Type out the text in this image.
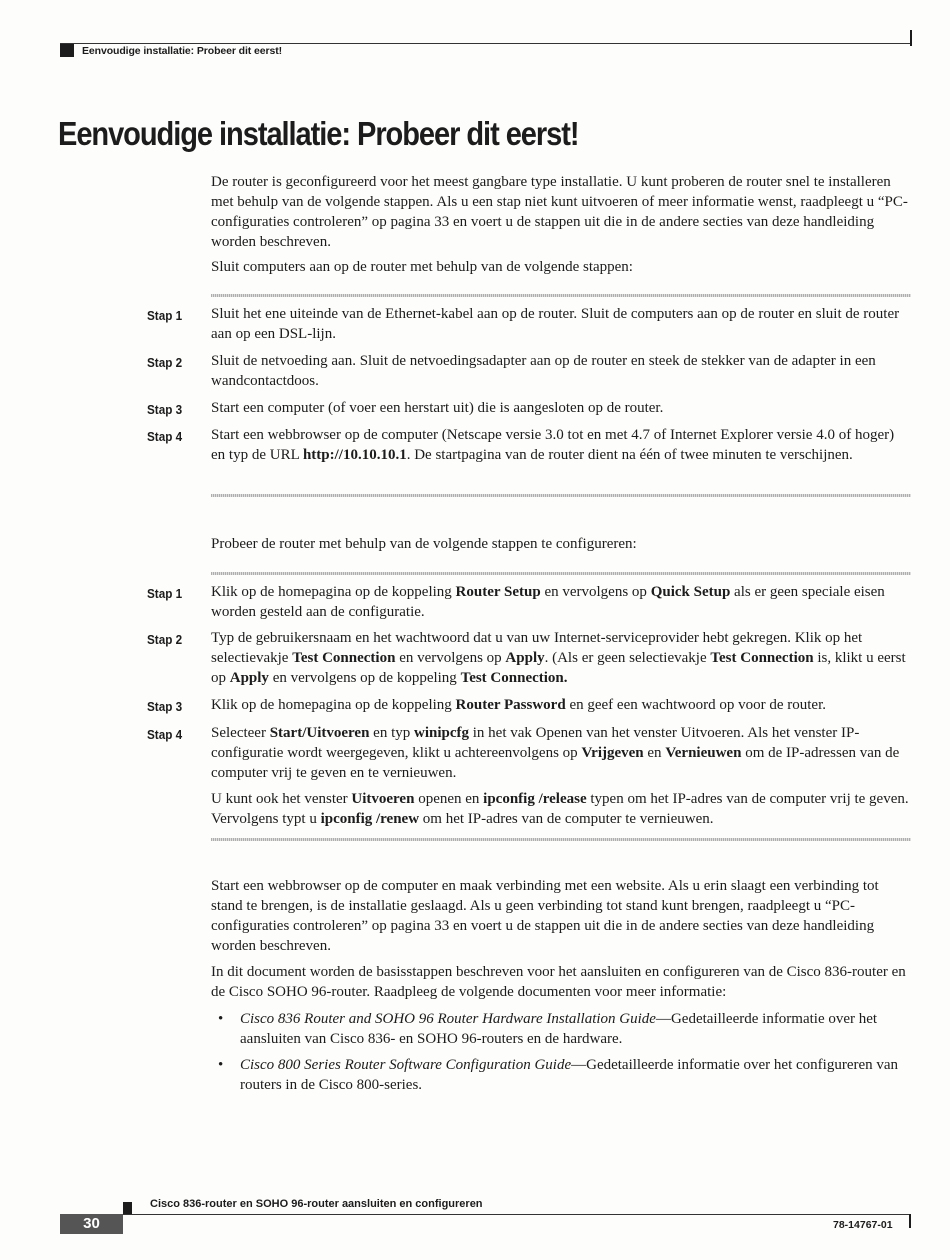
Eenvoudige installatie: Probeer dit eerst!
Eenvoudige installatie: Probeer dit eerst!
De router is geconfigureerd voor het meest gangbare type installatie. U kunt proberen de router snel te installeren met behulp van de volgende stappen. Als u een stap niet kunt uitvoeren of meer informatie wenst, raadpleegt u “PC-configuraties controleren” op pagina 33 en voert u de stappen uit die in de andere secties van deze handleiding worden beschreven.
Sluit computers aan op de router met behulp van de volgende stappen:
Stap 1 Sluit het ene uiteinde van de Ethernet-kabel aan op de router. Sluit de computers aan op de router en sluit de router aan op een DSL-lijn.
Stap 2 Sluit de netvoeding aan. Sluit de netvoedingsadapter aan op de router en steek de stekker van de adapter in een wandcontactdoos.
Stap 3 Start een computer (of voer een herstart uit) die is aangesloten op de router.
Stap 4 Start een webbrowser op de computer (Netscape versie 3.0 tot en met 4.7 of Internet Explorer versie 4.0 of hoger) en typ de URL http://10.10.10.1. De startpagina van de router dient na één of twee minuten te verschijnen.
Probeer de router met behulp van de volgende stappen te configureren:
Stap 1 Klik op de homepagina op de koppeling Router Setup en vervolgens op Quick Setup als er geen speciale eisen worden gesteld aan de configuratie.
Stap 2 Typ de gebruikersnaam en het wachtwoord dat u van uw Internet-serviceprovider hebt gekregen. Klik op het selectievakje Test Connection en vervolgens op Apply. (Als er geen selectievakje Test Connection is, klikt u eerst op Apply en vervolgens op de koppeling Test Connection.
Stap 3 Klik op de homepagina op de koppeling Router Password en geef een wachtwoord op voor de router.
Stap 4 Selecteer Start/Uitvoeren en typ winipcfg in het vak Openen van het venster Uitvoeren. Als het venster IP-configuratie wordt weergegeven, klikt u achtereenvolgens op Vrijgeven en Vernieuwen om de IP-adressen van de computer vrij te geven en te vernieuwen.
U kunt ook het venster Uitvoeren openen en ipconfig /release typen om het IP-adres van de computer vrij te geven. Vervolgens typt u ipconfig /renew om het IP-adres van de computer te vernieuwen.
Start een webbrowser op de computer en maak verbinding met een website. Als u erin slaagt een verbinding tot stand te brengen, is de installatie geslaagd. Als u geen verbinding tot stand kunt brengen, raadpleegt u “PC-configuraties controleren” op pagina 33 en voert u de stappen uit die in de andere secties van deze handleiding worden beschreven.
In dit document worden de basisstappen beschreven voor het aansluiten en configureren van de Cisco 836-router en de Cisco SOHO 96-router. Raadpleeg de volgende documenten voor meer informatie:
• Cisco 836 Router and SOHO 96 Router Hardware Installation Guide—Gedetailleerde informatie over het aansluiten van Cisco 836- en SOHO 96-routers en de hardware.
• Cisco 800 Series Router Software Configuration Guide—Gedetailleerde informatie over het configureren van routers in de Cisco 800-series.
Cisco 836-router en SOHO 96-router aansluiten en configureren
30	78-14767-01
